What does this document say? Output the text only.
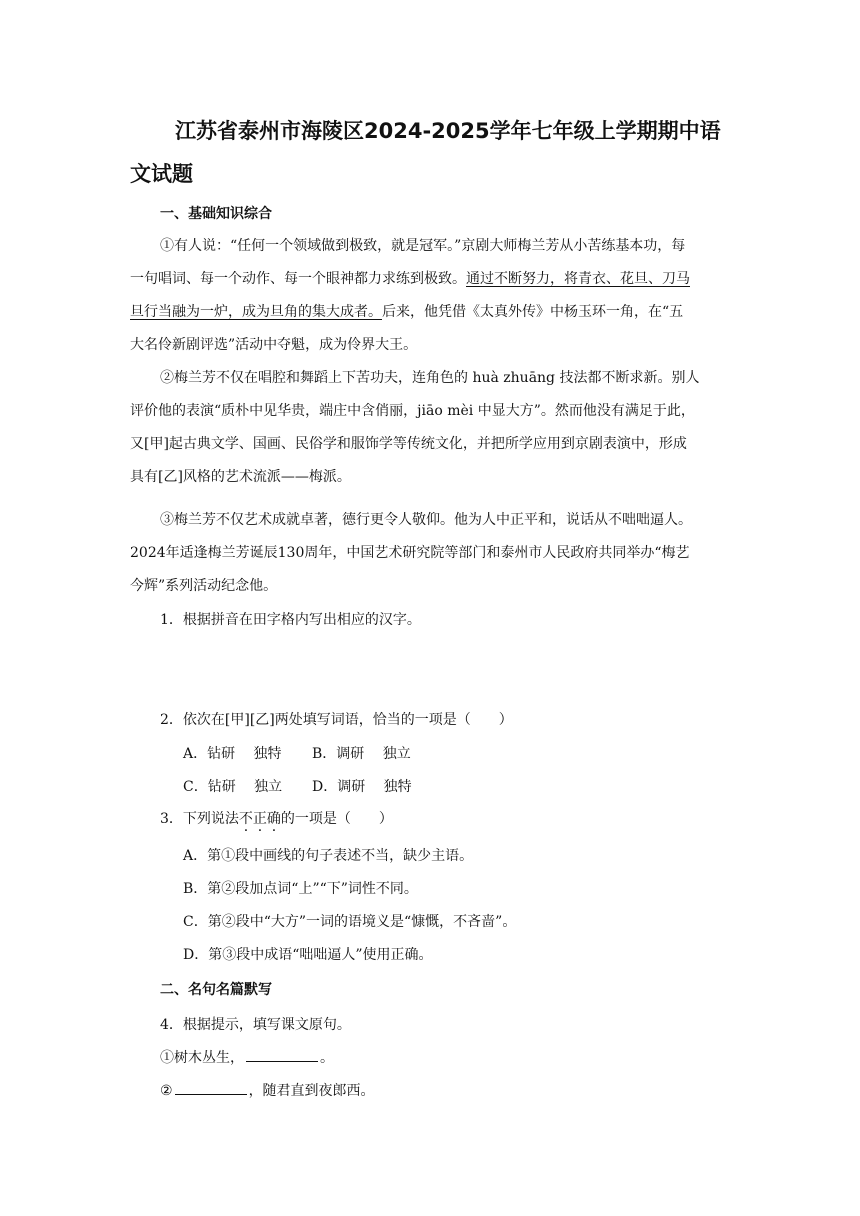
江苏省泰州市海陵区2024-2025学年七年级上学期期中语
文试题
一、基础知识综合
①有人说：“任何一个领域做到极致，就是冠军。”京剧大师梅兰芳从小苦练基本功，每
一句唱词、每一个动作、每一个眼神都力求练到极致。通过不断努力，将青衣、花旦、刀马
旦行当融为一炉，成为旦角的集大成者。后来，他凭借《太真外传》中杨玉环一角，在“五
大名伶新剧评选”活动中夺魁，成为伶界大王。
②梅兰芳不仅在唱腔和舞蹈上下苦功夫，连角色的 huà zhuāng 技法都不断求新。别人
评价他的表演“质朴中见华贵，端庄中含俏丽，jiāo mèi 中显大方”。然而他没有满足于此，
又[甲]起古典文学、国画、民俗学和服饰学等传统文化，并把所学应用到京剧表演中，形成
具有[乙]风格的艺术流派——梅派。
③梅兰芳不仅艺术成就卓著，德行更令人敬仰。他为人中正平和，说话从不咄咄逼人。
2024年适逢梅兰芳诞辰130周年，中国艺术研究院等部门和泰州市人民政府共同举办“梅艺
今辉”系列活动纪念他。
1．根据拼音在田字格内写出相应的汉字。
2．依次在[甲][乙]两处填写词语，恰当的一项是（　　）
A．钻研　 独特 B．调研　 独立
C．钻研　 独立 D．调研　 独特
3．下列说法不正确的一项是（　　）
A．第①段中画线的句子表述不当，缺少主语。
B．第②段加点词“上”“下”词性不同。
C．第②段中“大方”一词的语境义是“慷慨，不吝啬”。
D．第③段中成语“咄咄逼人”使用正确。
二、名句名篇默写
4．根据提示，填写课文原句。
①树木丛生，	。
②	，随君直到夜郎西。
